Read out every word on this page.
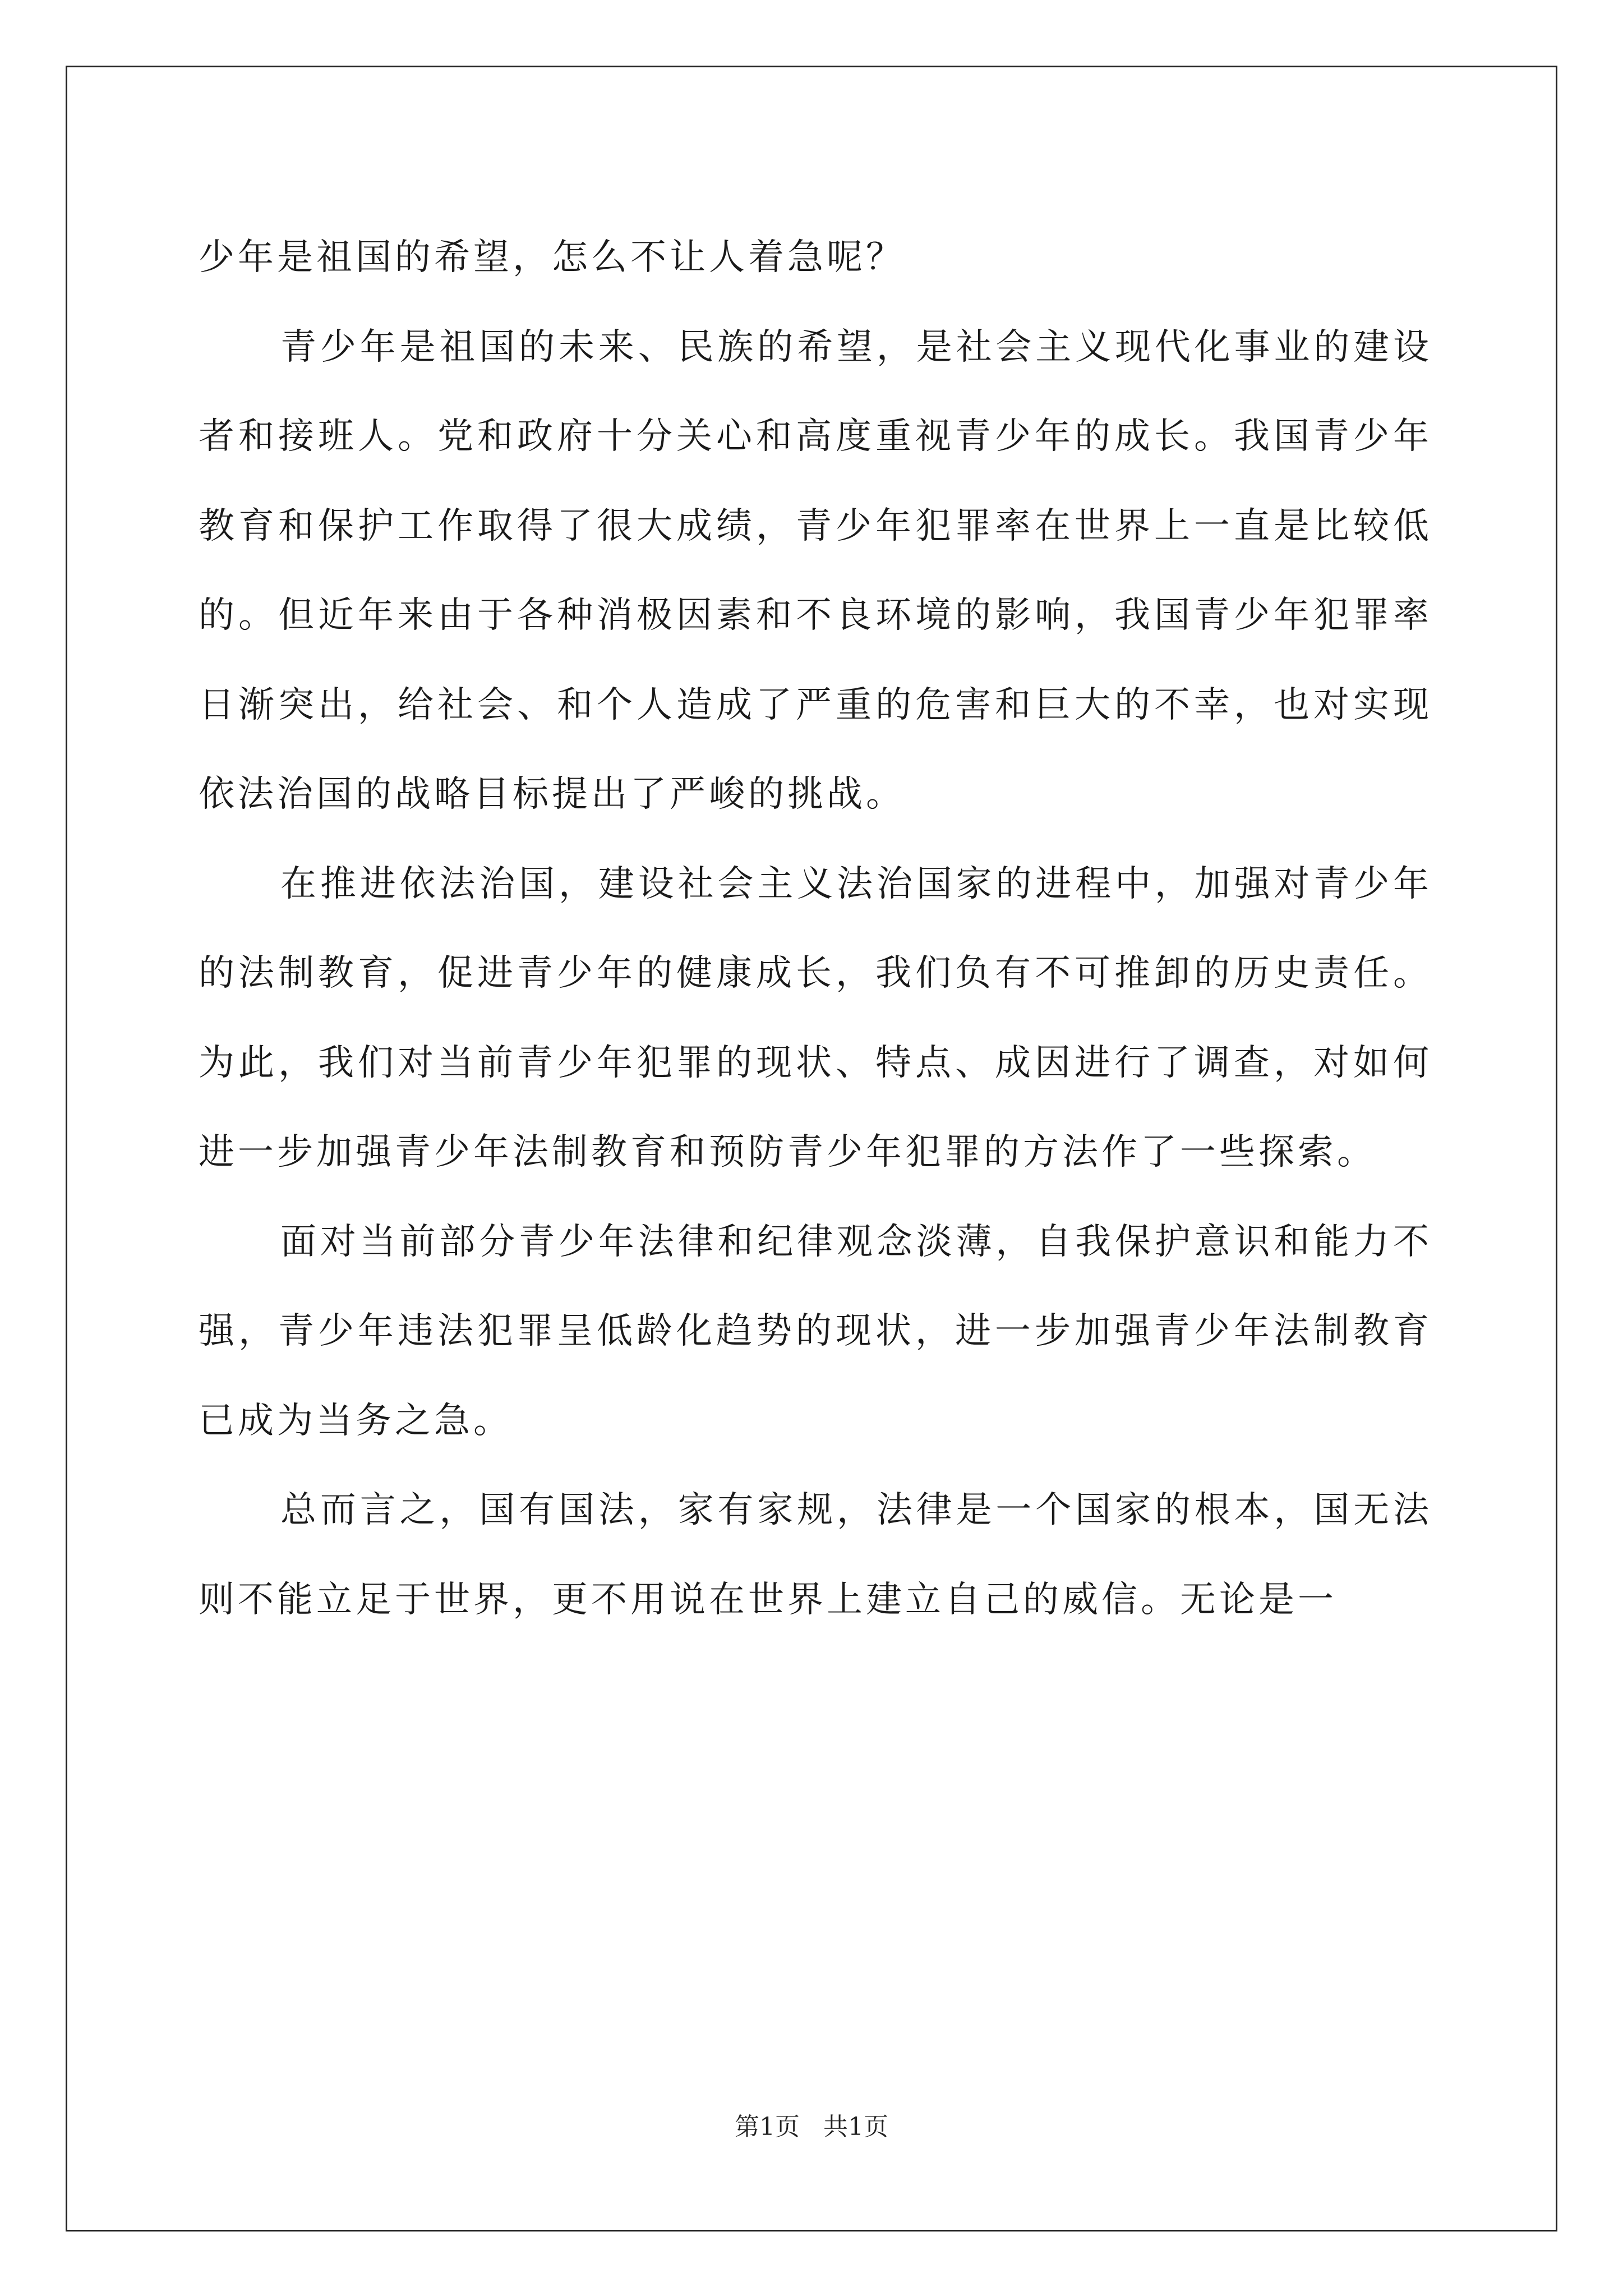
少年是祖国的希望，怎么不让人着急呢？

青少年是祖国的未来、民族的希望，是社会主义现代化事业的建设者和接班人。党和政府十分关心和高度重视青少年的成长。我国青少年教育和保护工作取得了很大成绩，青少年犯罪率在世界上一直是比较低的。但近年来由于各种消极因素和不良环境的影响，我国青少年犯罪率日渐突出，给社会、和个人造成了严重的危害和巨大的不幸，也对实现依法治国的战略目标提出了严峻的挑战。

在推进依法治国，建设社会主义法治国家的进程中，加强对青少年的法制教育，促进青少年的健康成长，我们负有不可推卸的历史责任。为此，我们对当前青少年犯罪的现状、特点、成因进行了调查，对如何进一步加强青少年法制教育和预防青少年犯罪的方法作了一些探索。

面对当前部分青少年法律和纪律观念淡薄，自我保护意识和能力不强，青少年违法犯罪呈低龄化趋势的现状，进一步加强青少年法制教育已成为当务之急。

总而言之，国有国法，家有家规，法律是一个国家的根本，国无法则不能立足于世界，更不用说在世界上建立自己的威信。无论是一

第1页   共1页
